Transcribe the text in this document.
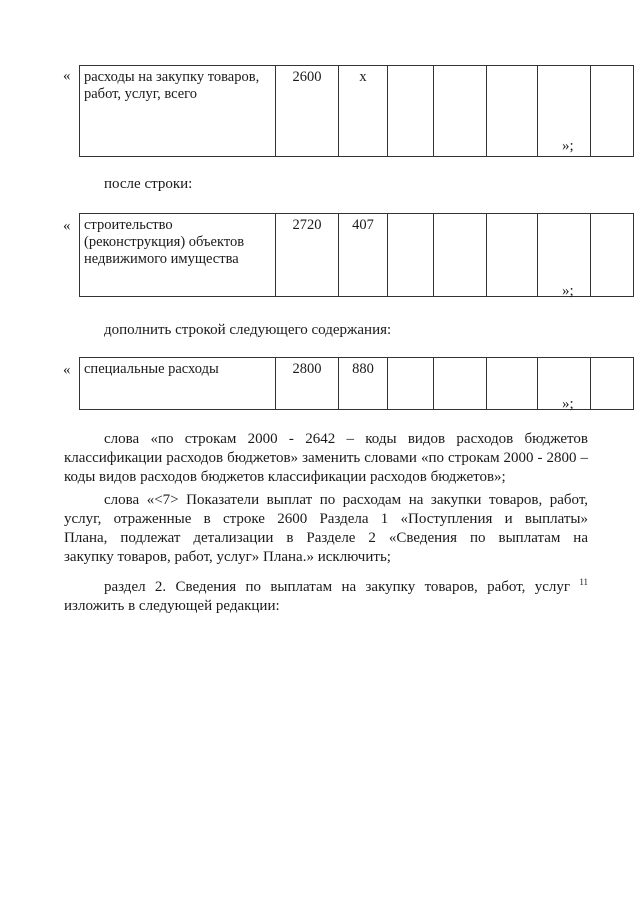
« расходы на закупку товаров, работ, услуг, всего	2600	х					
»;
после строки:
« строительство (реконструкция) объектов недвижимого имущества	2720	407					
»;
дополнить строкой следующего содержания:
« специальные расходы	2800	880					
»;
слова «по строкам 2000 - 2642 – коды видов расходов бюджетов
классификации расходов бюджетов» заменить словами «по строкам 2000 - 2800 –
коды видов расходов бюджетов классификации расходов бюджетов»;
слова «<7> Показатели выплат по расходам на закупки товаров, работ,
услуг, отраженные в строке 2600 Раздела 1 «Поступления и выплаты»
Плана, подлежат детализации в Разделе 2 «Сведения по выплатам на
закупку товаров, работ, услуг» Плана.» исключить;
раздел 2. Сведения по выплатам на закупку товаров, работ, услуг $^{11}$
изложить в следующей редакции:
